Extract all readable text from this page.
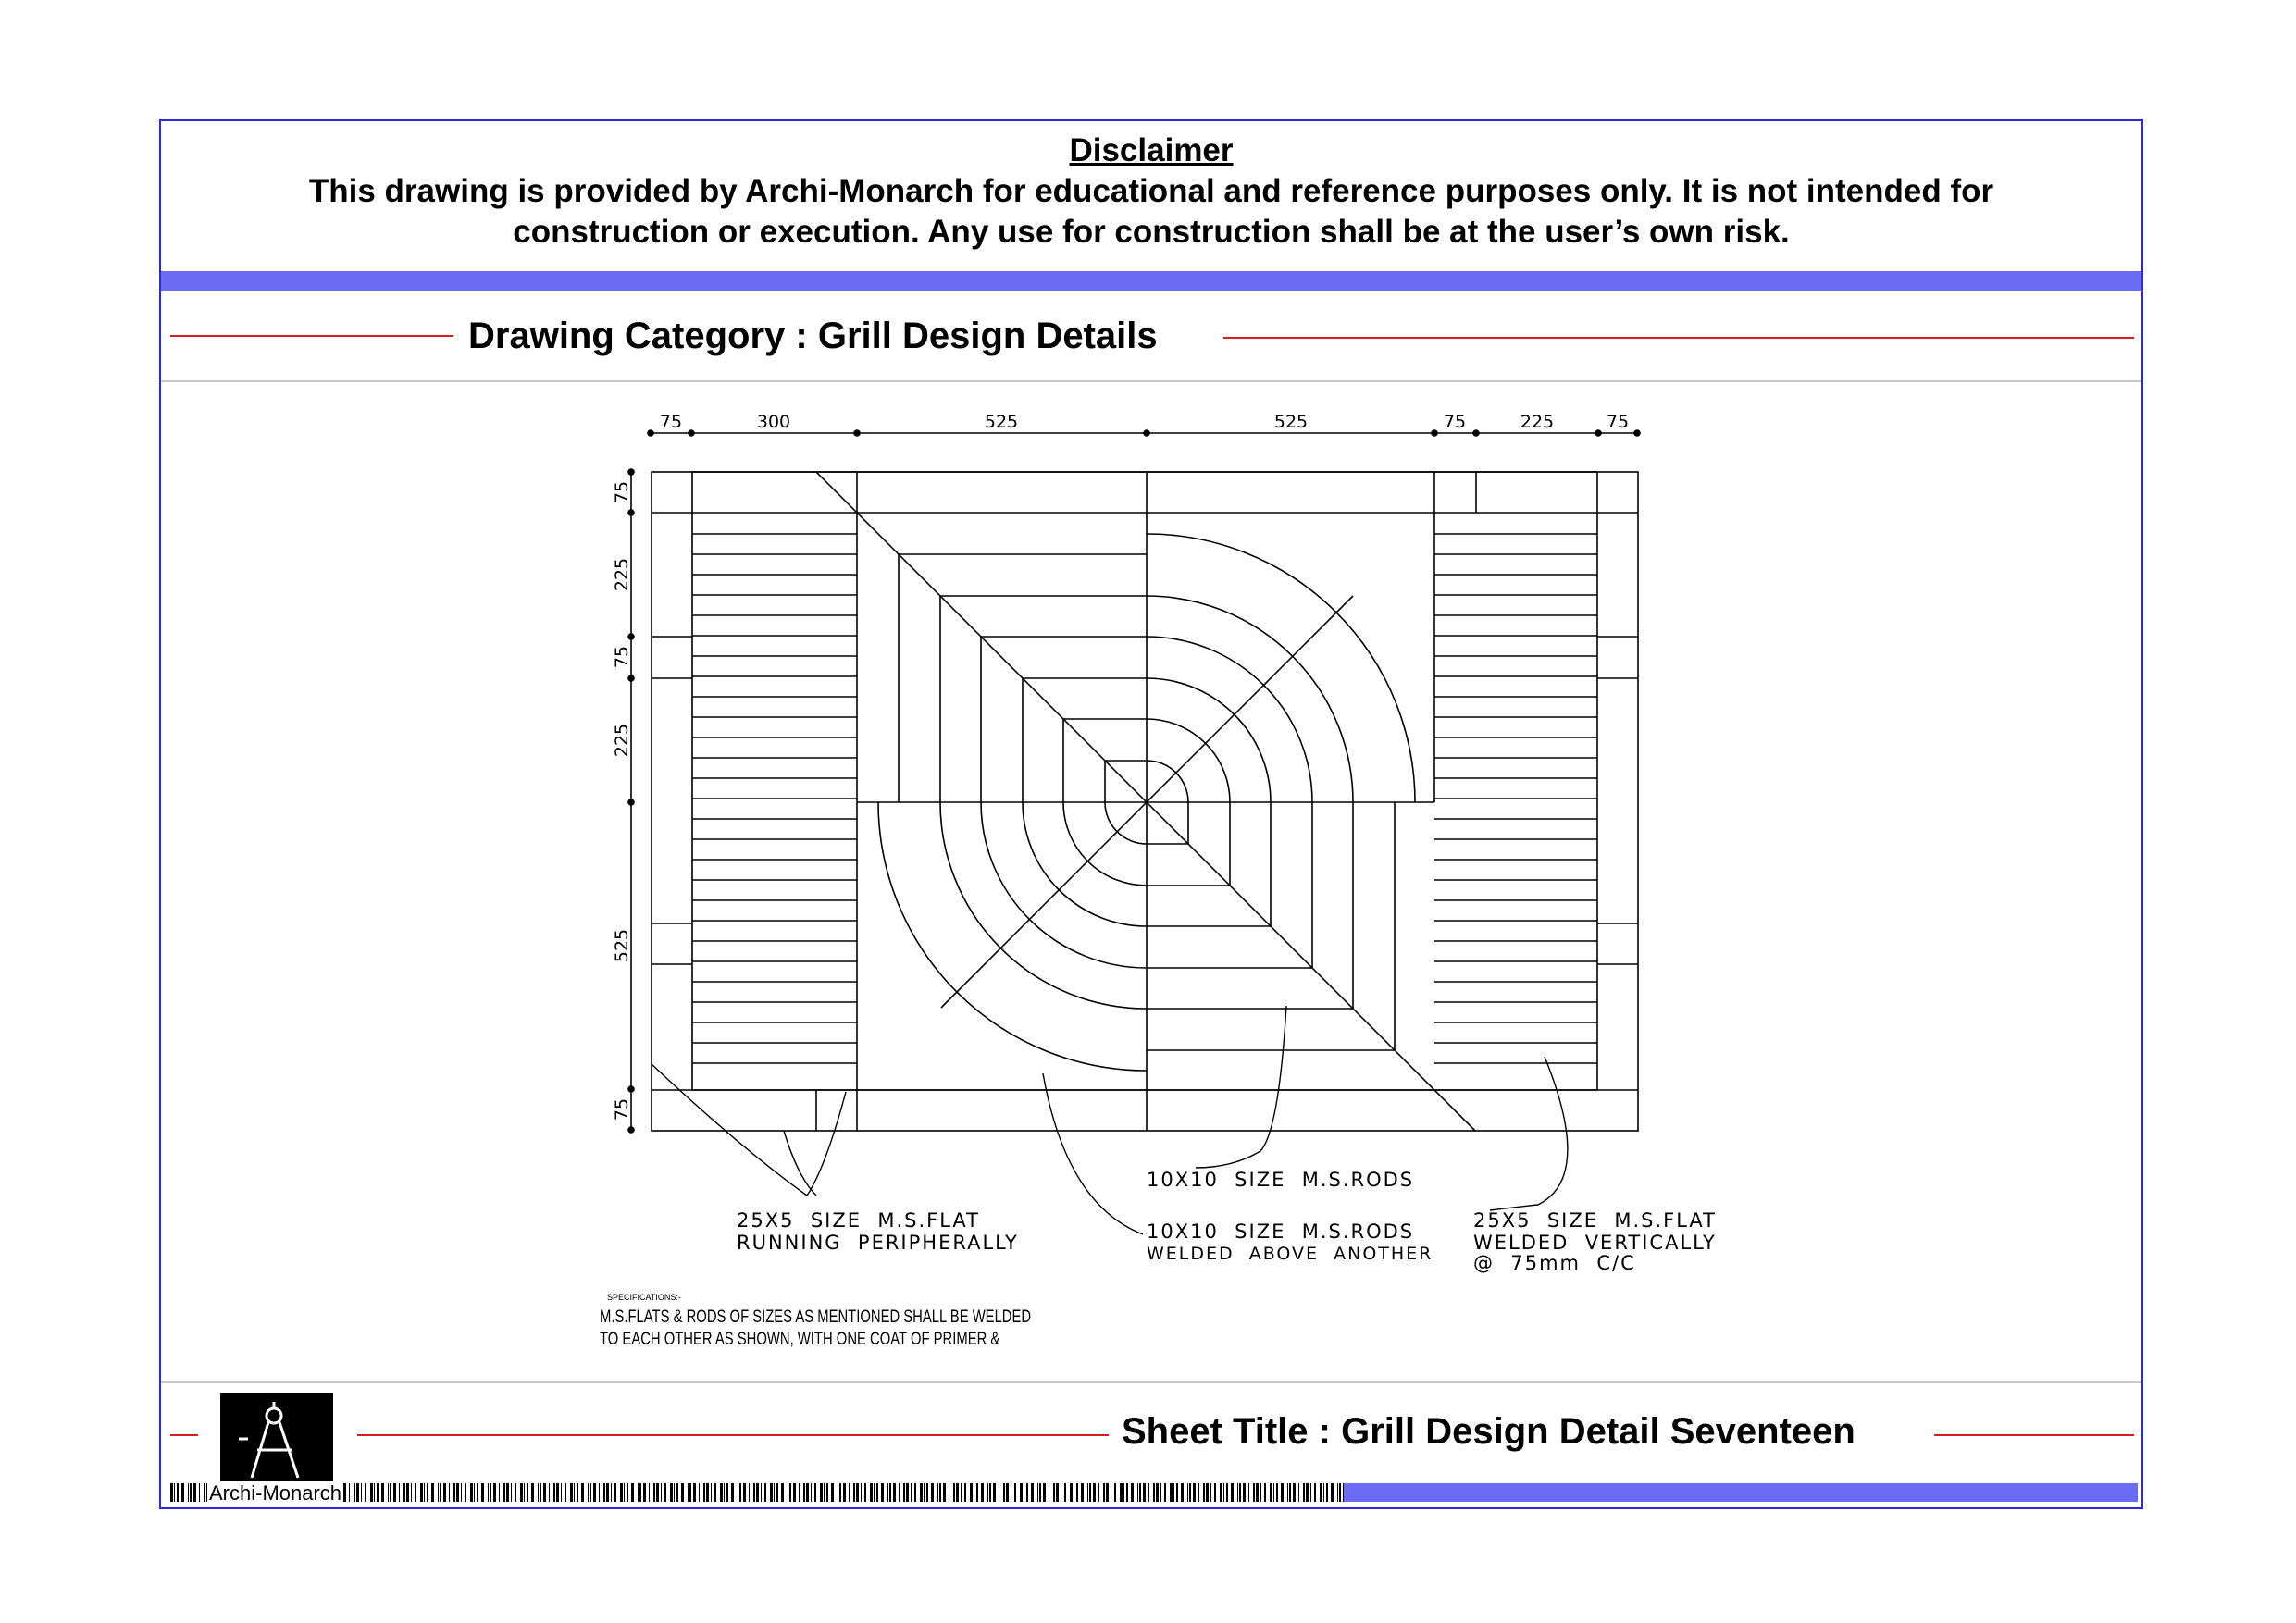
Disclaimer
This drawing is provided by Archi-Monarch for educational and reference purposes only. It is not intended for
construction or execution. Any use for construction shall be at the user’s own risk.
Drawing Category : Grill Design Details
75	300	525	525	75	225	75
75
225
75
225
525
75
10X10  SIZE  M.S.RODS
25X5  SIZE  M.S.FLAT
RUNNING  PERIPHERALLY	10X10  SIZE  M.S.RODS
WELDED  ABOVE  ANOTHER
25X5  SIZE  M.S.FLAT
WELDED  VERTICALLY
@  75mm  C/C
SPECIFICATIONS:-
M.S.FLATS & RODS OF SIZES AS MENTIONED SHALL BE WELDED
TO EACH OTHER AS SHOWN, WITH ONE COAT OF PRIMER &
Sheet Title : Grill Design Detail Seventeen
Archi-Monarch
